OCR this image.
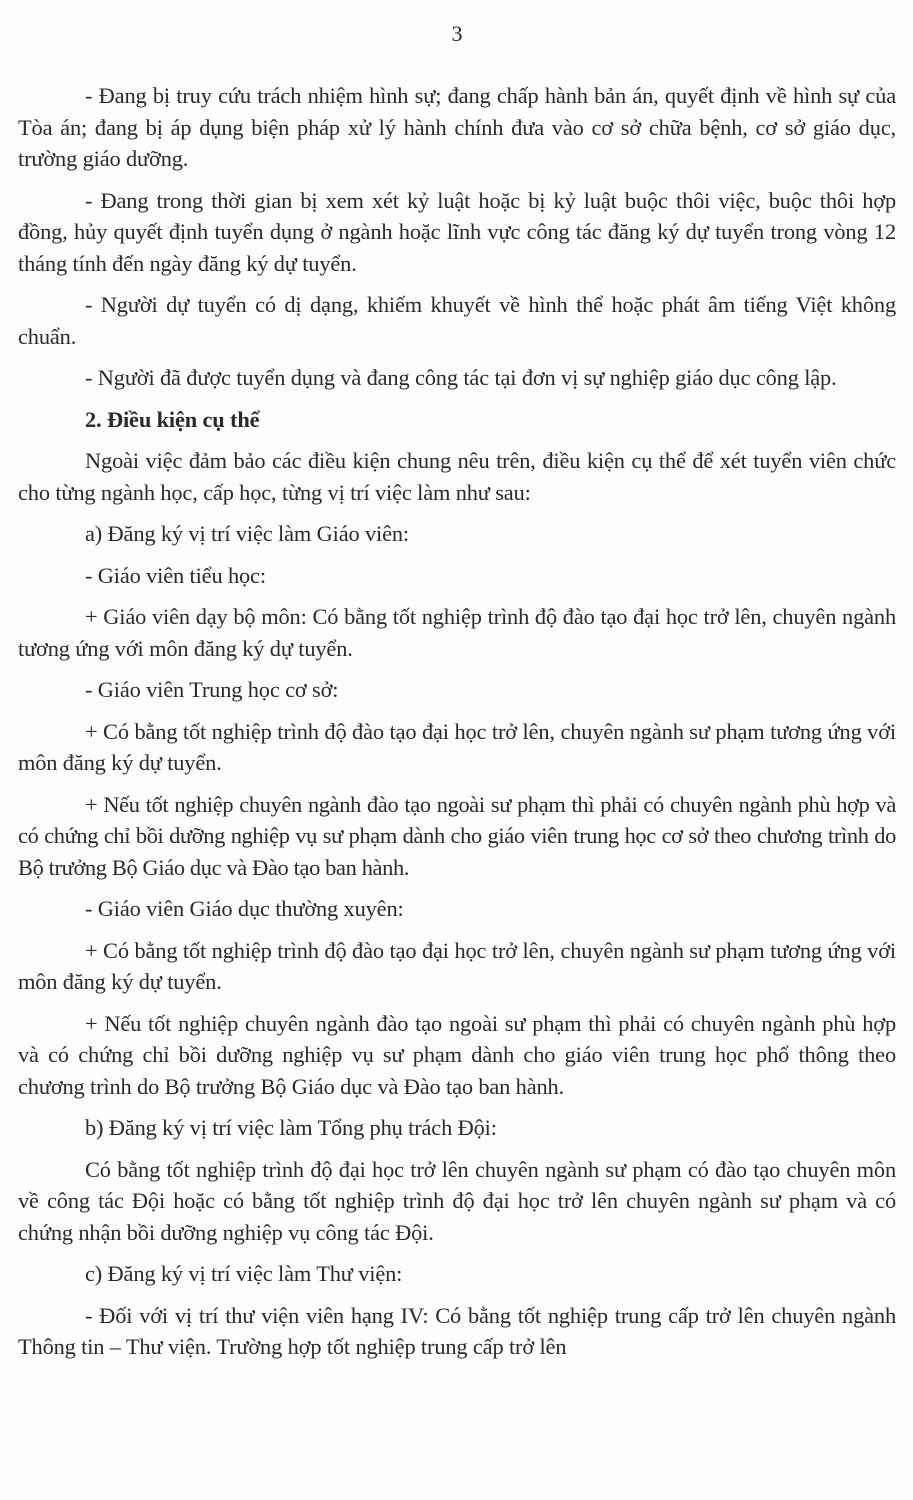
3

- Đang bị truy cứu trách nhiệm hình sự; đang chấp hành bản án, quyết định về hình sự của Tòa án; đang bị áp dụng biện pháp xử lý hành chính đưa vào cơ sở chữa bệnh, cơ sở giáo dục, trường giáo dưỡng.

- Đang trong thời gian bị xem xét kỷ luật hoặc bị kỷ luật buộc thôi việc, buộc thôi hợp đồng, hủy quyết định tuyển dụng ở ngành hoặc lĩnh vực công tác đăng ký dự tuyển trong vòng 12 tháng tính đến ngày đăng ký dự tuyển.

- Người dự tuyển có dị dạng, khiếm khuyết về hình thể hoặc phát âm tiếng Việt không chuẩn.

- Người đã được tuyển dụng và đang công tác tại đơn vị sự nghiệp giáo dục công lập.

2. Điều kiện cụ thể

Ngoài việc đảm bảo các điều kiện chung nêu trên, điều kiện cụ thể để xét tuyển viên chức cho từng ngành học, cấp học, từng vị trí việc làm như sau:

a) Đăng ký vị trí việc làm Giáo viên:

- Giáo viên tiểu học:

+ Giáo viên dạy bộ môn: Có bằng tốt nghiệp trình độ đào tạo đại học trở lên, chuyên ngành tương ứng với môn đăng ký dự tuyển.

- Giáo viên Trung học cơ sở:

+ Có bằng tốt nghiệp trình độ đào tạo đại học trở lên, chuyên ngành sư phạm tương ứng với môn đăng ký dự tuyển.

+ Nếu tốt nghiệp chuyên ngành đào tạo ngoài sư phạm thì phải có chuyên ngành phù hợp và có chứng chỉ bồi dưỡng nghiệp vụ sư phạm dành cho giáo viên trung học cơ sở theo chương trình do Bộ trưởng Bộ Giáo dục và Đào tạo ban hành.

- Giáo viên Giáo dục thường xuyên:

+ Có bằng tốt nghiệp trình độ đào tạo đại học trở lên, chuyên ngành sư phạm tương ứng với môn đăng ký dự tuyển.

+ Nếu tốt nghiệp chuyên ngành đào tạo ngoài sư phạm thì phải có chuyên ngành phù hợp và có chứng chỉ bồi dưỡng nghiệp vụ sư phạm dành cho giáo viên trung học phổ thông theo chương trình do Bộ trưởng Bộ Giáo dục và Đào tạo ban hành.

b) Đăng ký vị trí việc làm Tổng phụ trách Đội:

Có bằng tốt nghiệp trình độ đại học trở lên chuyên ngành sư phạm có đào tạo chuyên môn về công tác Đội hoặc có bằng tốt nghiệp trình độ đại học trở lên chuyên ngành sư phạm và có chứng nhận bồi dưỡng nghiệp vụ công tác Đội.

c) Đăng ký vị trí việc làm Thư viện:

- Đối với vị trí thư viện viên hạng IV: Có bằng tốt nghiệp trung cấp trở lên chuyên ngành Thông tin – Thư viện. Trường hợp tốt nghiệp trung cấp trở lên
